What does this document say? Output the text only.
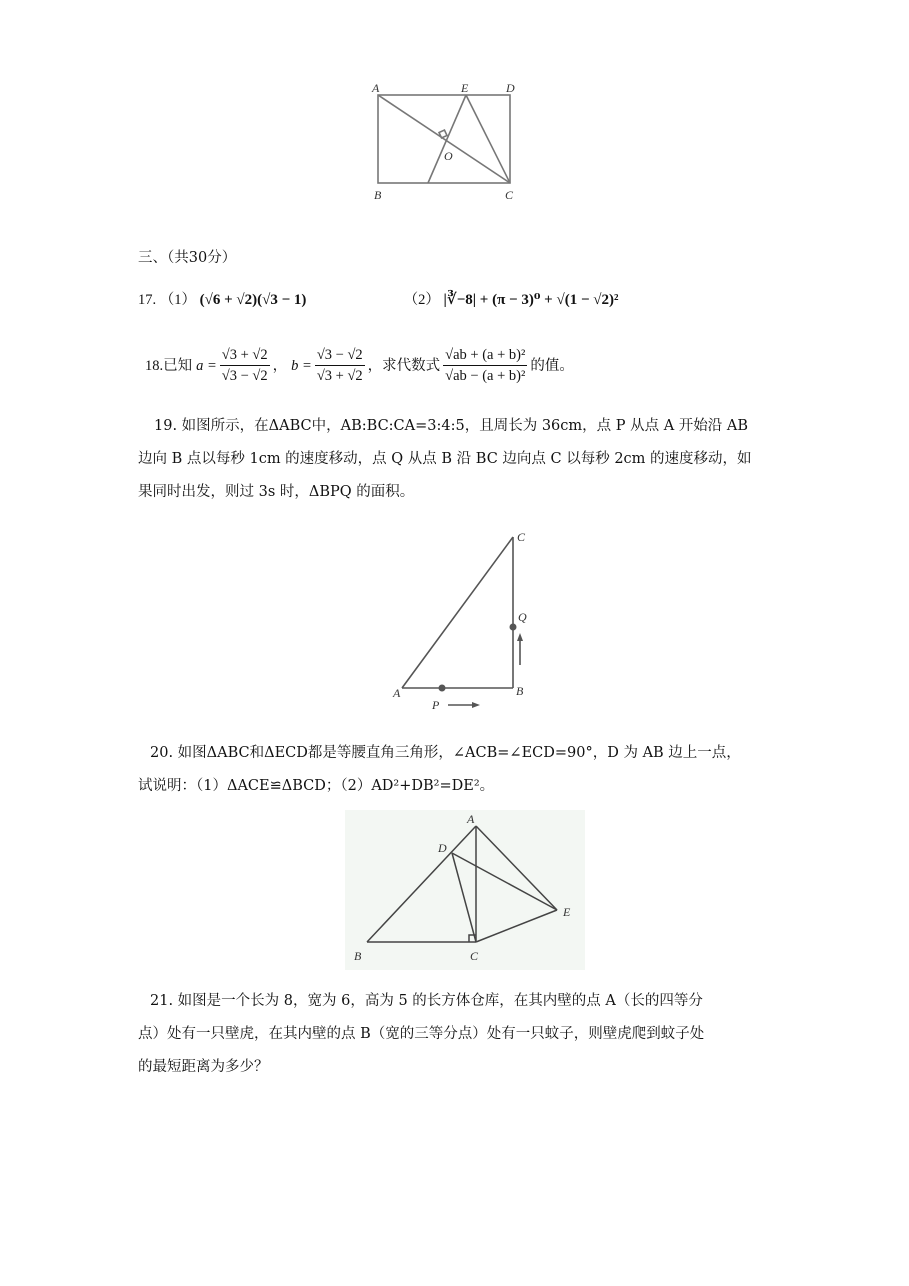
A	E	D
O
B	C
三、（共30分）
17. （1） (√6 + √2)(√3 − 1)	（2） |∛−8| + (π − 3)⁰ + √(1 − √2)²
18. 已知 $a = \frac{√3 + √2}{√3 - √2}$ ， $b = \frac{√3 - √2}{√3 + √2}$ ，求代数式 $\frac{\text{√ab + (a + b)²}}{\text{√ab − (a + b)²}}$ 的值。
19. 如图所示，在ΔABC中，AB:BC:CA=3:4:5，且周长为 36cm，点 P 从点 A 开始沿 AB
边向 B 点以每秒 1cm 的速度移动，点 Q 从点 B 沿 BC 边向点 C 以每秒 2cm 的速度移动，如
果同时出发，则过 3s 时，ΔBPQ 的面积。
A	B
C
P
Q
20. 如图ΔABC和ΔECD都是等腰直角三角形，∠ACB=∠ECD=90°，D 为 AB 边上一点，
试说明：（1）ΔACE≌ΔBCD；（2）AD²+DB²=DE²。
A
B	C
D
E
21. 如图是一个长为 8，宽为 6，高为 5 的长方体仓库，在其内壁的点 A（长的四等分
点）处有一只壁虎，在其内壁的点 B（宽的三等分点）处有一只蚊子，则壁虎爬到蚊子处
的最短距离为多少？
